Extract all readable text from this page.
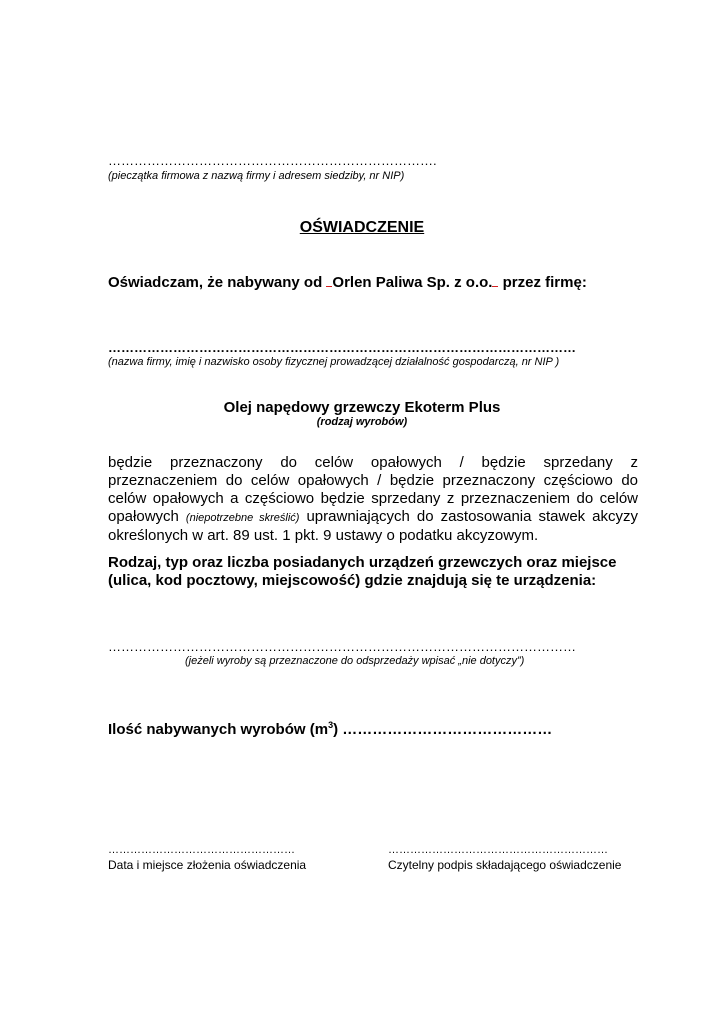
………………………………………………………………….
(pieczątka firmowa z nazwą firmy i adresem siedziby, nr NIP)
OŚWIADCZENIE
Oświadczam, że nabywany od Orlen Paliwa Sp. z o.o. przez firmę:
………………………………………………………………………………………………
(nazwa firmy, imię i nazwisko osoby fizycznej prowadzącej działalność gospodarczą, nr NIP )
Olej napędowy grzewczy Ekoterm Plus
(rodzaj wyrobów)
będzie przeznaczony do celów opałowych / będzie sprzedany z przeznaczeniem do celów opałowych / będzie przeznaczony częściowo do celów opałowych a częściowo będzie sprzedany z przeznaczeniem do celów opałowych (niepotrzebne skreślić) uprawniających do zastosowania stawek akcyzy określonych w art. 89 ust. 1 pkt. 9 ustawy o podatku akcyzowym.
Rodzaj, typ oraz liczba posiadanych urządzeń grzewczych oraz miejsce (ulica, kod pocztowy, miejscowość) gdzie znajdują się te urządzenia:
………………………………………………………………………………………………
(jeżeli wyroby są przeznaczone do odsprzedaży wpisać „nie dotyczy”)
Ilość nabywanych wyrobów $(m^3)$ ……………………………………
……………………………………………
Data i miejsce złożenia oświadczenia
……………………………………………………
Czytelny podpis składającego oświadczenie
